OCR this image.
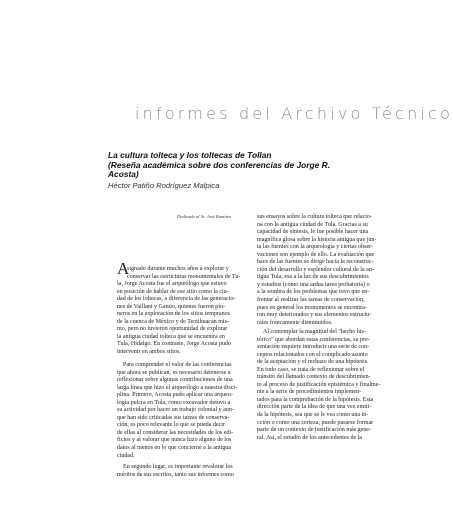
informes del Archivo Técnico
La cultura tolteca y los toltecas de Tollan
(Reseña académica sobre dos conferencias de Jorge R.
Acosta)
Héctor Patiño Rodríguez Malpica
Dedicado al Sr. José Ramírez
A
signado durante muchos años a explorar y
conservar las estructuras monumentales de Tu-
la, Jorge Acosta fue el arqueólogo que estuvo
en posición de hablar de ese sitio como la ciu-
dad de los toltecas, a diferencia de las generacio-
nes de Vaillant y Gamio, quienes fueron pio-
neros en la exploración de los sitios tempranos
de la cuenca de México y de Teotihuacan mis-
mo, pero no tuvieron oportunidad de explorar
la antigua ciudad tolteca que se encuentra en
Tula, Hidalgo. En contraste, Jorge Acosta pudo
intervenir en ambos sitios.
Para comprender el valor de las conferencias
que ahora se publican, es necesario detenerse a
reflexionar sobre algunas contribuciones de una
larga línea que hizo el arqueólogo a nuestra disci-
plina. Primero, Acosta pudo aplicar una arqueo-
logía pulcra en Tula, como excavador detuvo a
su actividad por hacer un trabajo colonial y aun-
que han sido criticadas sus tareas de conserva-
ción, es poco relevante lo que se pueda decir
de ellas al considerar las necesidades de los edi-
ficios y al valorar que nunca hizo alguno de los
datos al menos en lo que concierne a la antigua
ciudad.
En segundo lugar, es importante revalorar los
méritos de sus escritos, tanto sus informes como
sus ensayos sobre la cultura tolteca que relacio-
na con la antigua ciudad de Tula. Gracias a su
capacidad de síntesis, le fue posible hacer una
magnífica glosa sobre la historia antigua que jun-
ta las fuentes con la arqueología y ciertas obser-
vaciones son ejemplo de ello. La evaluación que
hace de las fuentes se dirige hacia la reconstruc-
ción del desarrollo y esplendor cultural de la an-
tigua Tula, esa a la luz de sus descubrimientos
y estudios (como una ardua tarea probatoria) o
a la sombra de los problemas que tuvo que en-
frentar al realizar las tareas de conservación,
pues en general los monumentos se encontra-
ron muy deteriorados y sus elementos estructu-
rales francamente disminuidos.
Al contemplar la magnitud del "hecho his-
tórico" que abordan estas conferencias, su pre-
sentación requiere introducir una serie de con-
ceptos relacionados con el complicado asunto
de la aceptación y el rechazo de una hipótesis.
En todo caso, se trata de reflexionar sobre el
tránsito del llamado contexto de descubrimien-
to al proceso de justificación epistémica y finalme-
nte a la serie de procedimientos implemen-
tados para la comprobación de la hipótesis. Esta
dirección parte de la idea de que una vez emiti-
da la hipótesis, sea que se le vea como una in-
cción o como una certeza, puede pasarse formar
parte de un contexto de justificación más gene-
ral. Así, el estudio de los antecedentes de la
